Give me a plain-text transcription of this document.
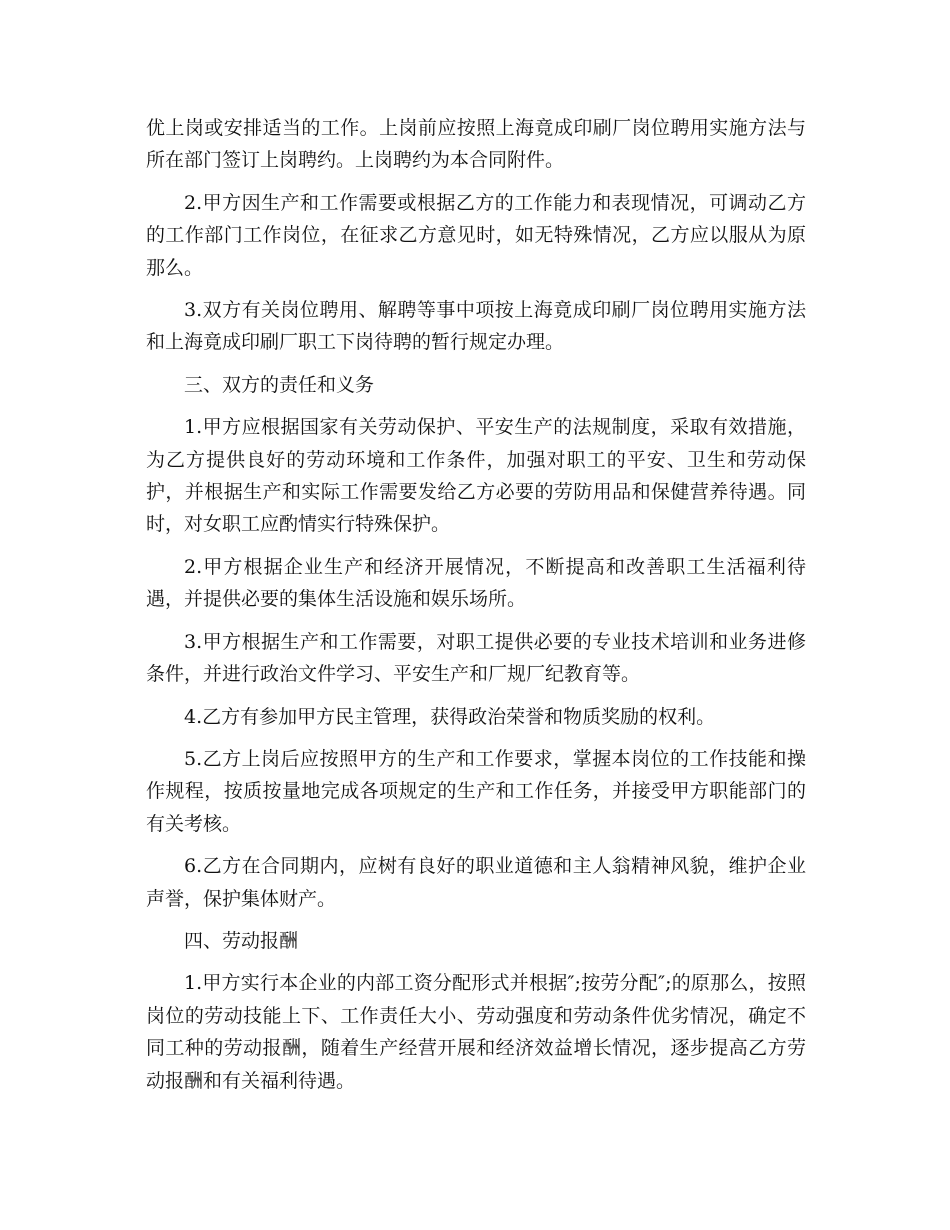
优上岗或安排适当的工作。上岗前应按照上海竟成印刷厂岗位聘用实施方法与所在部门签订上岗聘约。上岗聘约为本合同附件。

2.甲方因生产和工作需要或根据乙方的工作能力和表现情况，可调动乙方的工作部门工作岗位，在征求乙方意见时，如无特殊情况，乙方应以服从为原那么。

3.双方有关岗位聘用、解聘等事中项按上海竟成印刷厂岗位聘用实施方法和上海竟成印刷厂职工下岗待聘的暂行规定办理。

三、双方的责任和义务

1.甲方应根据国家有关劳动保护、平安生产的法规制度，采取有效措施，为乙方提供良好的劳动环境和工作条件，加强对职工的平安、卫生和劳动保护，并根据生产和实际工作需要发给乙方必要的劳防用品和保健营养待遇。同时，对女职工应酌情实行特殊保护。

2.甲方根据企业生产和经济开展情况，不断提高和改善职工生活福利待遇，并提供必要的集体生活设施和娱乐场所。

3.甲方根据生产和工作需要，对职工提供必要的专业技术培训和业务进修条件，并进行政治文件学习、平安生产和厂规厂纪教育等。

4.乙方有参加甲方民主管理，获得政治荣誉和物质奖励的权利。

5.乙方上岗后应按照甲方的生产和工作要求，掌握本岗位的工作技能和操作规程，按质按量地完成各项规定的生产和工作任务，并接受甲方职能部门的有关考核。

6.乙方在合同期内，应树有良好的职业道德和主人翁精神风貌，维护企业声誉，保护集体财产。

四、劳动报酬

1.甲方实行本企业的内部工资分配形式并根据″;按劳分配″;的原那么，按照岗位的劳动技能上下、工作责任大小、劳动强度和劳动条件优劣情况，确定不同工种的劳动报酬，随着生产经营开展和经济效益增长情况，逐步提高乙方劳动报酬和有关福利待遇。
